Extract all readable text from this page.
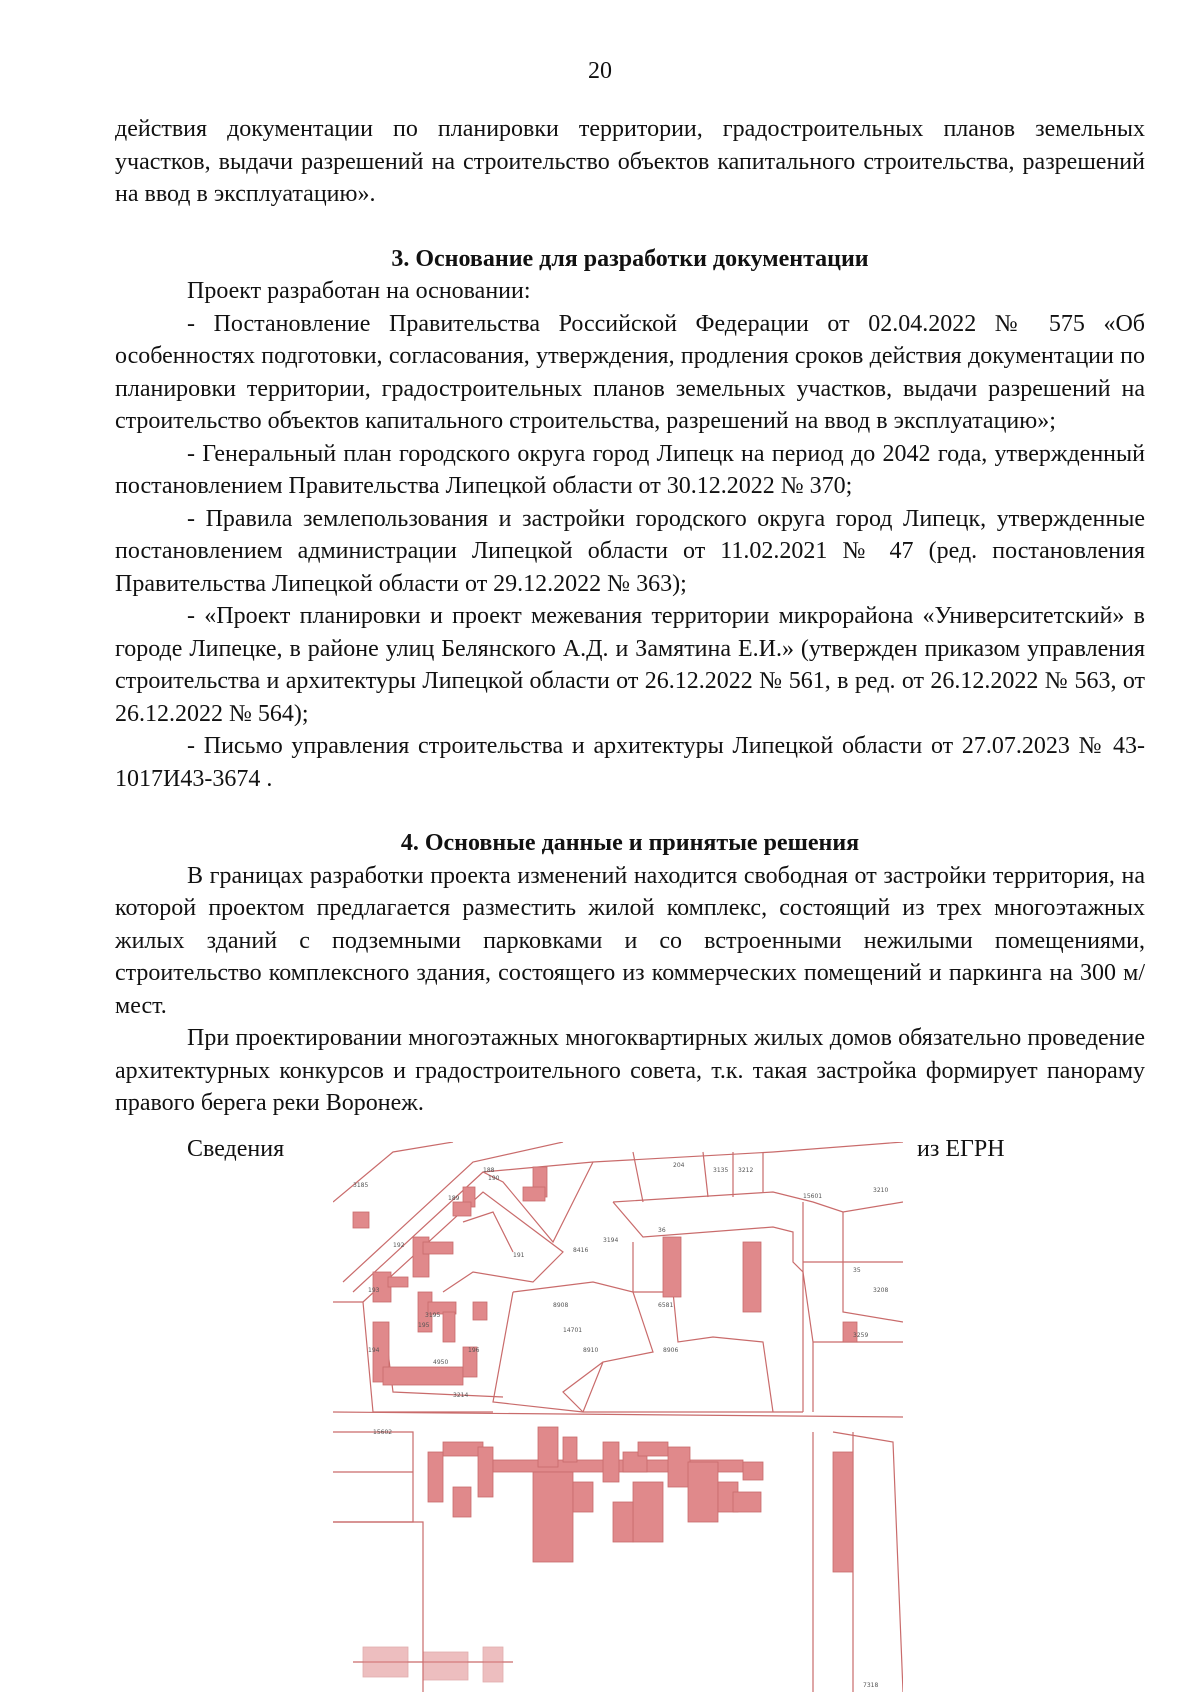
20

действия документации по планировки территории, градостроительных планов земельных участков, выдачи разрешений на строительство объектов капитального строительства, разрешений на ввод в эксплуатацию».

3. Основание для разработки документации

Проект разработан на основании:

- Постановление Правительства Российской Федерации от 02.04.2022 № 575 «Об особенностях подготовки, согласования, утверждения, продления сроков действия документации по планировки территории, градостроительных планов земельных участков, выдачи разрешений на строительство объектов капитального строительства, разрешений на ввод в эксплуатацию»;

- Генеральный план городского округа город Липецк на период до 2042 года, утвержденный постановлением Правительства Липецкой области от 30.12.2022 № 370;

- Правила землепользования и застройки городского округа город Липецк, утвержденные постановлением администрации Липецкой области от 11.02.2021 № 47 (ред. постановления Правительства Липецкой области от 29.12.2022 № 363);

- «Проект планировки и проект межевания территории микрорайона «Университетский» в городе Липецке, в районе улиц Белянского А.Д. и Замятина Е.И.» (утвержден приказом управления строительства и архитектуры Липецкой области от 26.12.2022 № 561, в ред. от 26.12.2022 № 563, от 26.12.2022 № 564);

- Письмо управления строительства и архитектуры Липецкой области от 27.07.2023 № 43-1017И43-3674 .

4. Основные данные и принятые решения

В границах разработки проекта изменений находится свободная от застройки территория, на которой проектом предлагается разместить жилой комплекс, состоящий из трех многоэтажных жилых зданий с подземными парковками и со встроенными нежилыми помещениями, строительство комплексного здания, состоящего из коммерческих помещений и паркинга на 300 м/мест.

При проектировании многоэтажных многоквартирных жилых домов обязательно проведение архитектурных конкурсов и градостроительного совета, т.к. такая застройка формирует панораму правого берега реки Воронеж.

Сведения	из ЕГРН
188
189
190
191
192
193
194
195
196
3195
4950
3214
15602
15601
14701
8908
8910
6581
8906
36
35
204
3135 3212
3210
3208
3259
3194
8416
7318
3185
